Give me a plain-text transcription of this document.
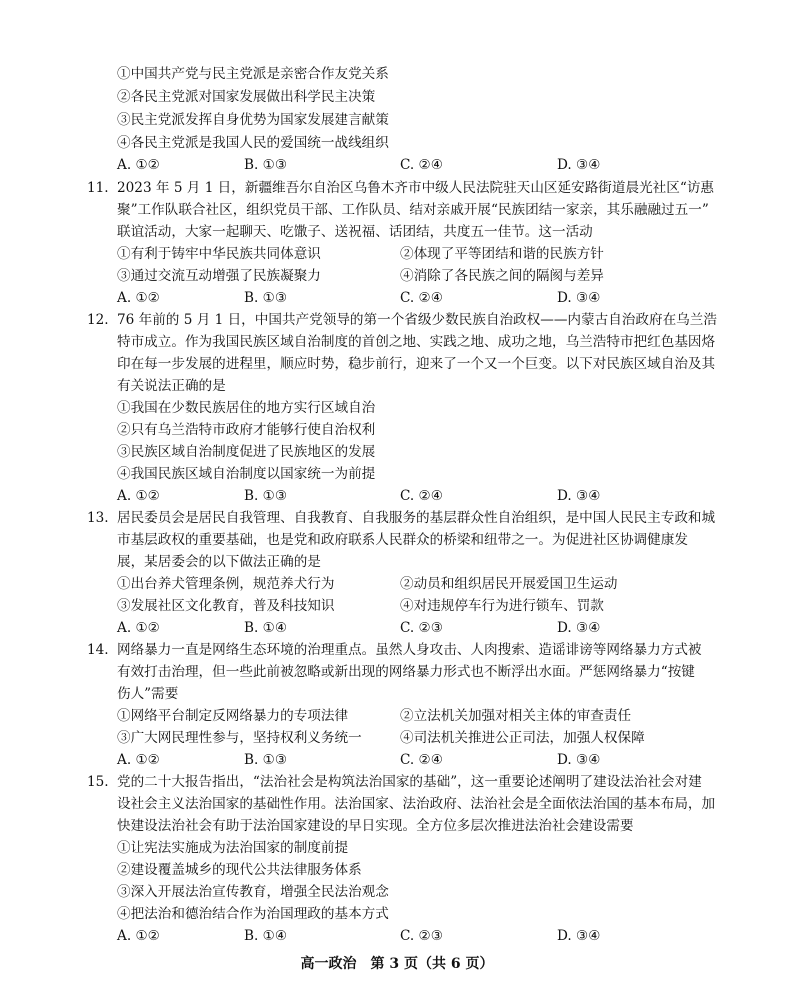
①中国共产党与民主党派是亲密合作友党关系
②各民主党派对国家发展做出科学民主决策
③民主党派发挥自身优势为国家发展建言献策
④各民主党派是我国人民的爱国统一战线组织
A. ①②	B. ①③	C. ②④	D. ③④
11. 2023 年 5 月 1 日，新疆维吾尔自治区乌鲁木齐市中级人民法院驻天山区延安路街道晨光社区“访惠
聚”工作队联合社区，组织党员干部、工作队员、结对亲戚开展“民族团结一家亲，其乐融融过五一”
联谊活动，大家一起聊天、吃馓子、送祝福、话团结，共度五一佳节。这一活动
①有利于铸牢中华民族共同体意识	②体现了平等团结和谐的民族方针
③通过交流互动增强了民族凝聚力	④消除了各民族之间的隔阂与差异
A. ①②	B. ①③	C. ②④	D. ③④
12. 76 年前的 5 月 1 日，中国共产党领导的第一个省级少数民族自治政权——内蒙古自治政府在乌兰浩
特市成立。作为我国民族区域自治制度的首创之地、实践之地、成功之地，乌兰浩特市把红色基因烙
印在每一步发展的进程里，顺应时势，稳步前行，迎来了一个又一个巨变。以下对民族区域自治及其
有关说法正确的是
①我国在少数民族居住的地方实行区域自治
②只有乌兰浩特市政府才能够行使自治权利
③民族区域自治制度促进了民族地区的发展
④我国民族区域自治制度以国家统一为前提
A. ①②	B. ①③	C. ②④	D. ③④
13. 居民委员会是居民自我管理、自我教育、自我服务的基层群众性自治组织，是中国人民民主专政和城
市基层政权的重要基础，也是党和政府联系人民群众的桥梁和纽带之一。为促进社区协调健康发
展，某居委会的以下做法正确的是
①出台养犬管理条例，规范养犬行为	②动员和组织居民开展爱国卫生运动
③发展社区文化教育，普及科技知识	④对违规停车行为进行锁车、罚款
A. ①②	B. ①④	C. ②③	D. ③④
14. 网络暴力一直是网络生态环境的治理重点。虽然人身攻击、人肉搜索、造谣诽谤等网络暴力方式被
有效打击治理，但一些此前被忽略或新出现的网络暴力形式也不断浮出水面。严惩网络暴力“按键
伤人”需要
①网络平台制定反网络暴力的专项法律	②立法机关加强对相关主体的审查责任
③广大网民理性参与，坚持权利义务统一	④司法机关推进公正司法，加强人权保障
A. ①②	B. ①③	C. ②④	D. ③④
15. 党的二十大报告指出，“法治社会是构筑法治国家的基础”，这一重要论述阐明了建设法治社会对建
设社会主义法治国家的基础性作用。法治国家、法治政府、法治社会是全面依法治国的基本布局，加
快建设法治社会有助于法治国家建设的早日实现。全方位多层次推进法治社会建设需要
①让宪法实施成为法治国家的制度前提
②建设覆盖城乡的现代公共法律服务体系
③深入开展法治宣传教育，增强全民法治观念
④把法治和德治结合作为治国理政的基本方式
A. ①②	B. ①④	C. ②③	D. ③④
高一政治　第 3 页（共 6 页）
